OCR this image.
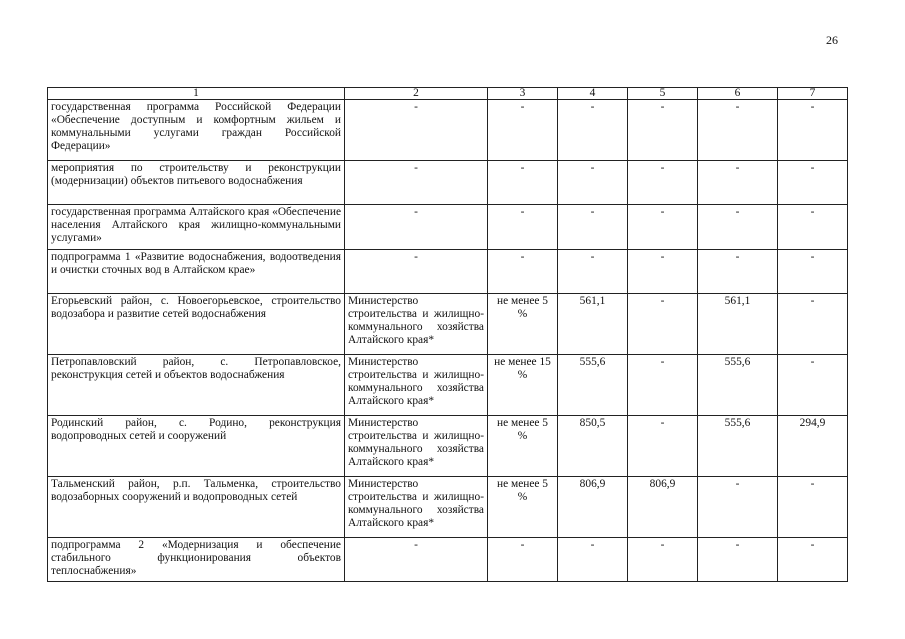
26
1	2	3	4	5	6	7
государственная программа Российской Федерации «Обеспечение доступным и комфортным жильем и коммунальными услугами граждан Российской Федерации»	-	-	-	-	-	-
мероприятия по строительству и реконструкции (модернизации) объектов питьевого водоснабжения	-	-	-	-	-	-
государственная программа Алтайского края «Обеспечение населения Алтайского края жилищно-коммунальными услугами»	-	-	-	-	-	-
подпрограмма 1 «Развитие водоснабжения, водоотведения и очистки сточных вод в Алтайском крае»	-	-	-	-	-	-
Егорьевский район, с. Новоегорьевское, строительство водозабора и развитие сетей водоснабжения	Министерство строительства и жилищно-коммунального хозяйства Алтайского края*	не менее 5 %	561,1	-	561,1	-
Петропавловский район, с. Петропавловское, реконструкция сетей и объектов водоснабжения	Министерство строительства и жилищно-коммунального хозяйства Алтайского края*	не менее 15 %	555,6	-	555,6	-
Родинский район, с. Родино, реконструкция водопроводных сетей и сооружений	Министерство строительства и жилищно-коммунального хозяйства Алтайского края*	не менее 5 %	850,5	-	555,6	294,9
Тальменский район, р.п. Тальменка, строительство водозаборных сооружений и водопроводных сетей	Министерство строительства и жилищно-коммунального хозяйства Алтайского края*	не менее 5 %	806,9	806,9	-	-
подпрограмма 2 «Модернизация и обеспечение стабильного функционирования объектов теплоснабжения»	-	-	-	-	-	-
